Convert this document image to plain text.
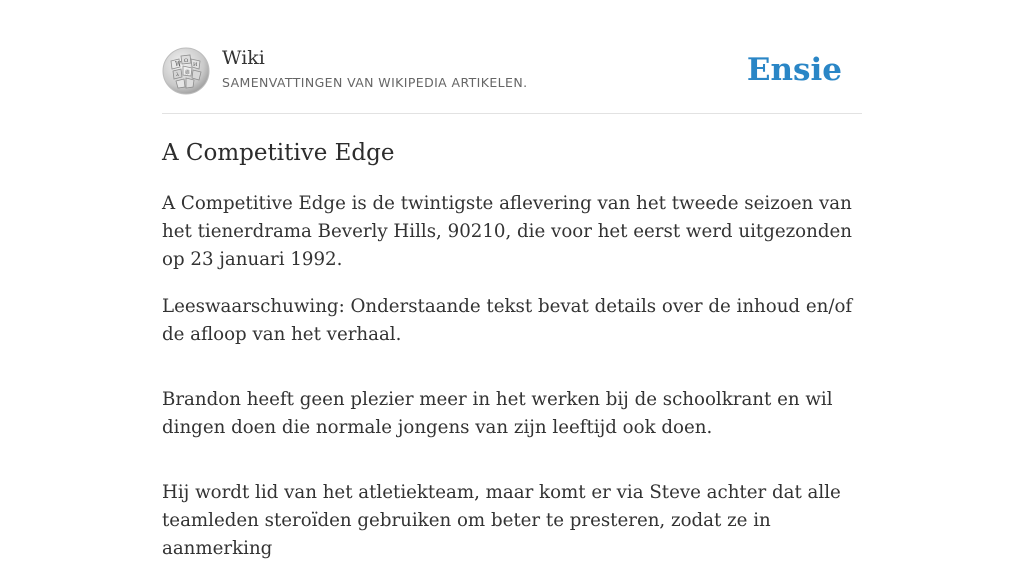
W Ω
И
λ 維
Wiki
SAMENVATTINGEN VAN WIKIPEDIA ARTIKELEN.	Ensie
A Competitive Edge

A Competitive Edge is de twintigste aflevering van het tweede seizoen van het tienerdrama Beverly Hills, 90210, die voor het eerst werd uitgezonden op 23 januari 1992.

Leeswaarschuwing: Onderstaande tekst bevat details over de inhoud en/of de afloop van het verhaal.

Brandon heeft geen plezier meer in het werken bij de schoolkrant en wil dingen doen die normale jongens van zijn leeftijd ook doen.

Hij wordt lid van het atletiekteam, maar komt er via Steve achter dat alle teamleden steroïden gebruiken om beter te presteren, zodat ze in aanmerking
